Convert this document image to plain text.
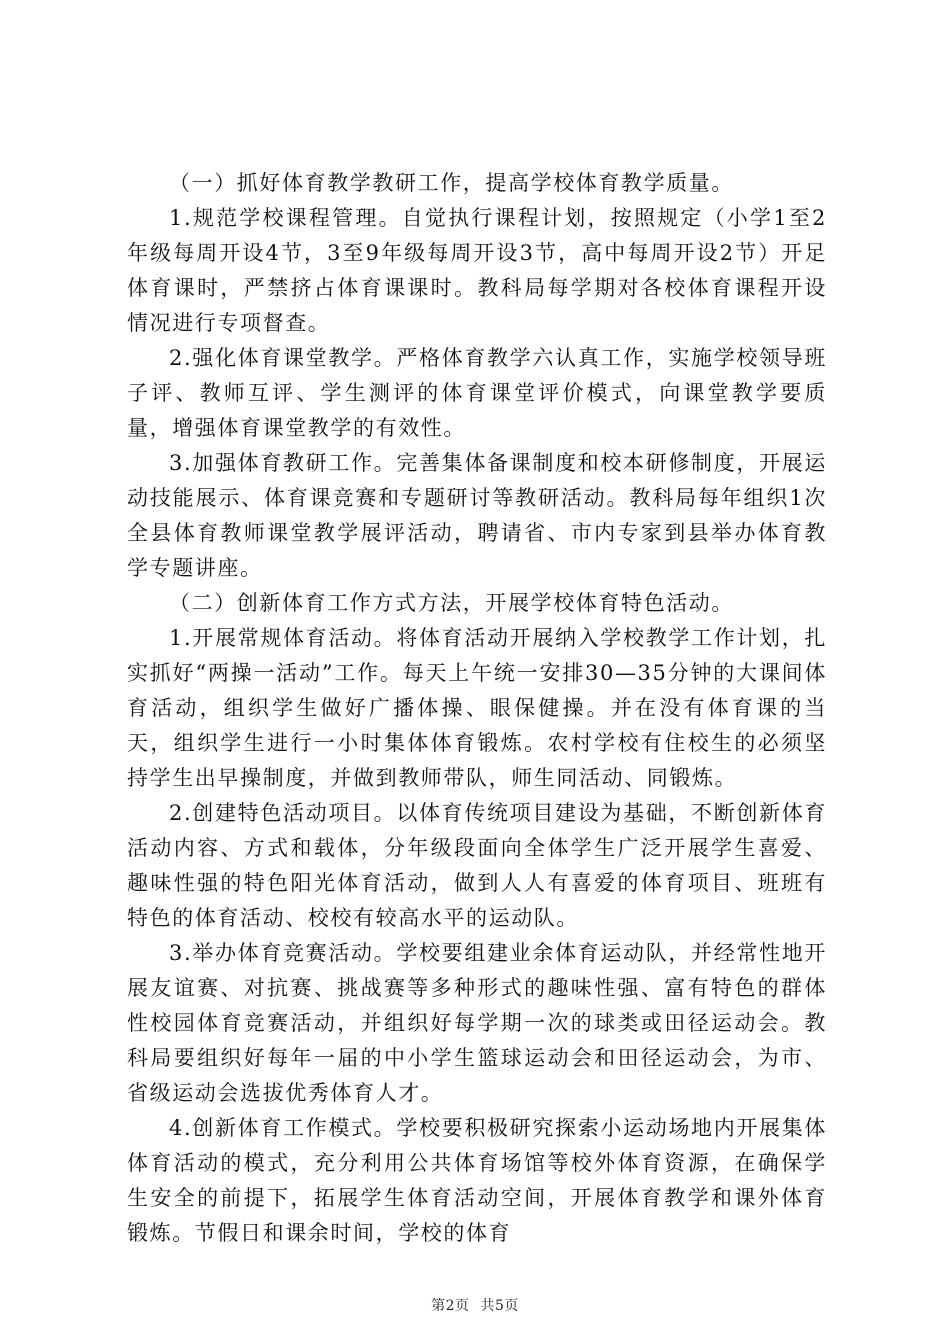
（一）抓好体育教学教研工作，提高学校体育教学质量。

1.规范学校课程管理。自觉执行课程计划，按照规定（小学1至2年级每周开设4节，3至9年级每周开设3节，高中每周开设2节）开足体育课时，严禁挤占体育课课时。教科局每学期对各校体育课程开设情况进行专项督查。

2.强化体育课堂教学。严格体育教学六认真工作，实施学校领导班子评、教师互评、学生测评的体育课堂评价模式，向课堂教学要质量，增强体育课堂教学的有效性。

3.加强体育教研工作。完善集体备课制度和校本研修制度，开展运动技能展示、体育课竞赛和专题研讨等教研活动。教科局每年组织1次全县体育教师课堂教学展评活动，聘请省、市内专家到县举办体育教学专题讲座。

（二）创新体育工作方式方法，开展学校体育特色活动。

1.开展常规体育活动。将体育活动开展纳入学校教学工作计划，扎实抓好“两操一活动”工作。每天上午统一安排30—35分钟的大课间体育活动，组织学生做好广播体操、眼保健操。并在没有体育课的当天，组织学生进行一小时集体体育锻炼。农村学校有住校生的必须坚持学生出早操制度，并做到教师带队，师生同活动、同锻炼。

2.创建特色活动项目。以体育传统项目建设为基础，不断创新体育活动内容、方式和载体，分年级段面向全体学生广泛开展学生喜爱、趣味性强的特色阳光体育活动，做到人人有喜爱的体育项目、班班有特色的体育活动、校校有较高水平的运动队。

3.举办体育竞赛活动。学校要组建业余体育运动队，并经常性地开展友谊赛、对抗赛、挑战赛等多种形式的趣味性强、富有特色的群体性校园体育竞赛活动，并组织好每学期一次的球类或田径运动会。教科局要组织好每年一届的中小学生篮球运动会和田径运动会，为市、省级运动会选拔优秀体育人才。

4.创新体育工作模式。学校要积极研究探索小运动场地内开展集体体育活动的模式，充分利用公共体育场馆等校外体育资源，在确保学生安全的前提下，拓展学生体育活动空间，开展体育教学和课外体育锻炼。节假日和课余时间，学校的体育

第2页 共5页
